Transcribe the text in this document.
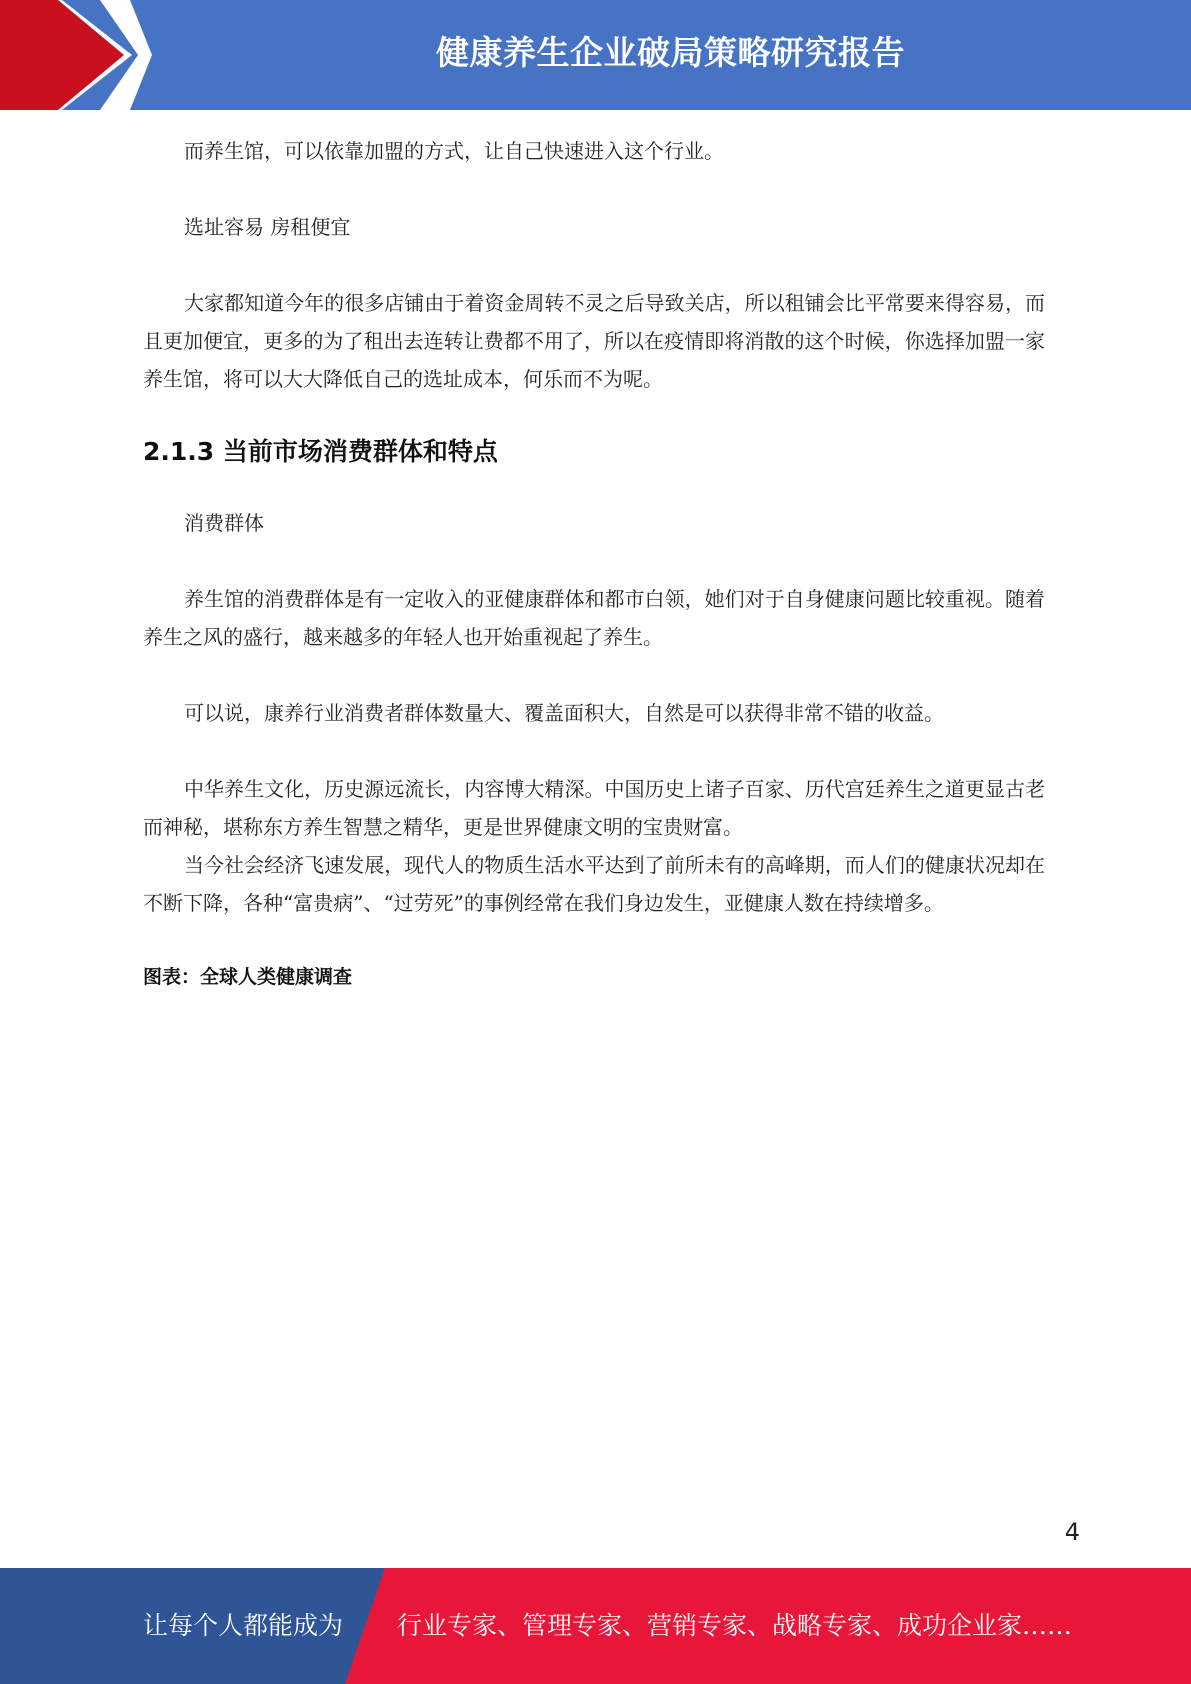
健康养生企业破局策略研究报告

而养生馆，可以依靠加盟的方式，让自己快速进入这个行业。

选址容易 房租便宜

大家都知道今年的很多店铺由于着资金周转不灵之后导致关店，所以租铺会比平常要来得容易，而且更加便宜，更多的为了租出去连转让费都不用了，所以在疫情即将消散的这个时候，你选择加盟一家养生馆，将可以大大降低自己的选址成本，何乐而不为呢。

2.1.3 当前市场消费群体和特点

消费群体

养生馆的消费群体是有一定收入的亚健康群体和都市白领，她们对于自身健康问题比较重视。随着养生之风的盛行，越来越多的年轻人也开始重视起了养生。

可以说，康养行业消费者群体数量大、覆盖面积大，自然是可以获得非常不错的收益。

中华养生文化，历史源远流长，内容博大精深。中国历史上诸子百家、历代宫廷养生之道更显古老而神秘，堪称东方养生智慧之精华，更是世界健康文明的宝贵财富。

当今社会经济飞速发展，现代人的物质生活水平达到了前所未有的高峰期，而人们的健康状况却在不断下降，各种“富贵病”、“过劳死”的事例经常在我们身边发生，亚健康人数在持续增多。

图表：全球人类健康调查

4
让每个人都能成为 行业专家、管理专家、营销专家、战略专家、成功企业家……
